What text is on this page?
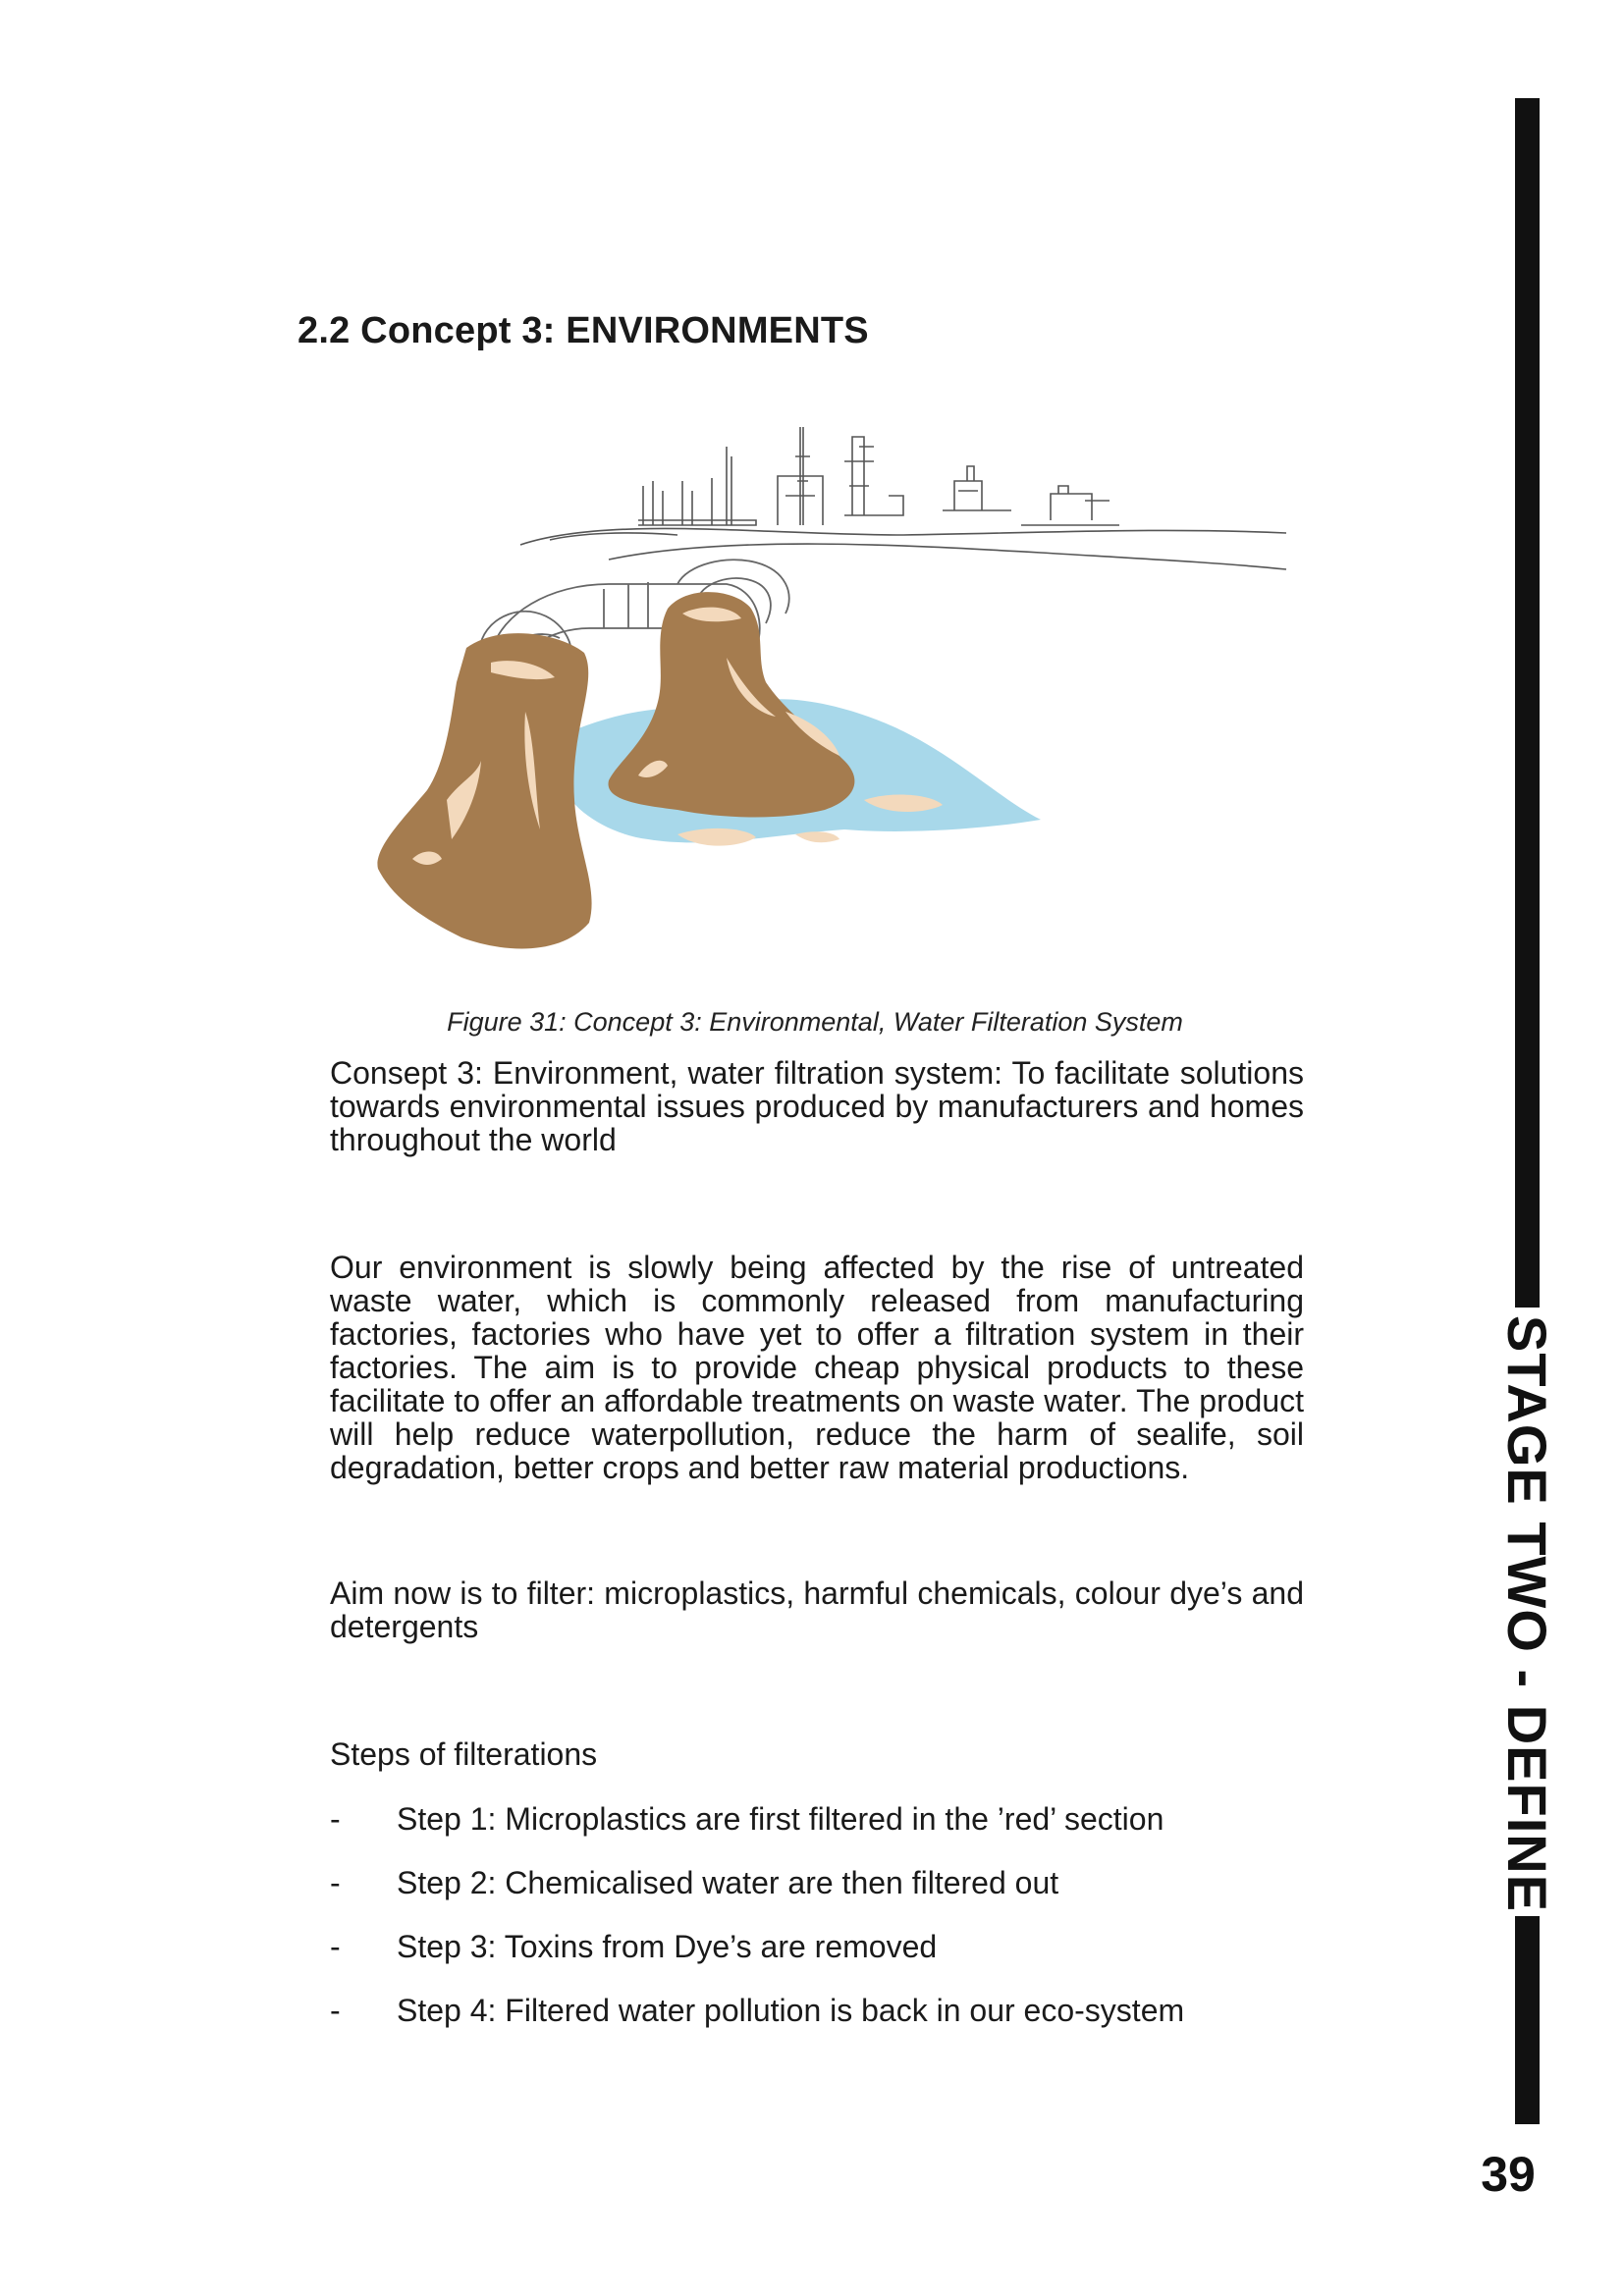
2.2 Concept 3: ENVIRONMENTS
Figure 31: Concept 3: Environmental, Water Filteration System

Consept 3: Environment, water filtration system: To facilitate solutions towards environmental issues produced by manufacturers and homes throughout the world

Our environment is slowly being affected by the rise of untreated waste water, which is commonly released from manufacturing factories, factories who have yet to offer a filtration system in their factories. The aim is to provide cheap physical products to these facilitate to offer an affordable treatments on waste water. The product will help reduce waterpollution, reduce the harm of sealife, soil degradation, better crops and better raw material productions.

Aim now is to filter: microplastics, harmful chemicals, colour dye’s and detergents

Steps of filterations

- Step 1: Microplastics are first filtered in the ’red’ section
- Step 2: Chemicalised water are then filtered out
- Step 3: Toxins from Dye’s are removed
- Step 4: Filtered water pollution is back in our eco-system
STAGE TWO - DEFINE
39
